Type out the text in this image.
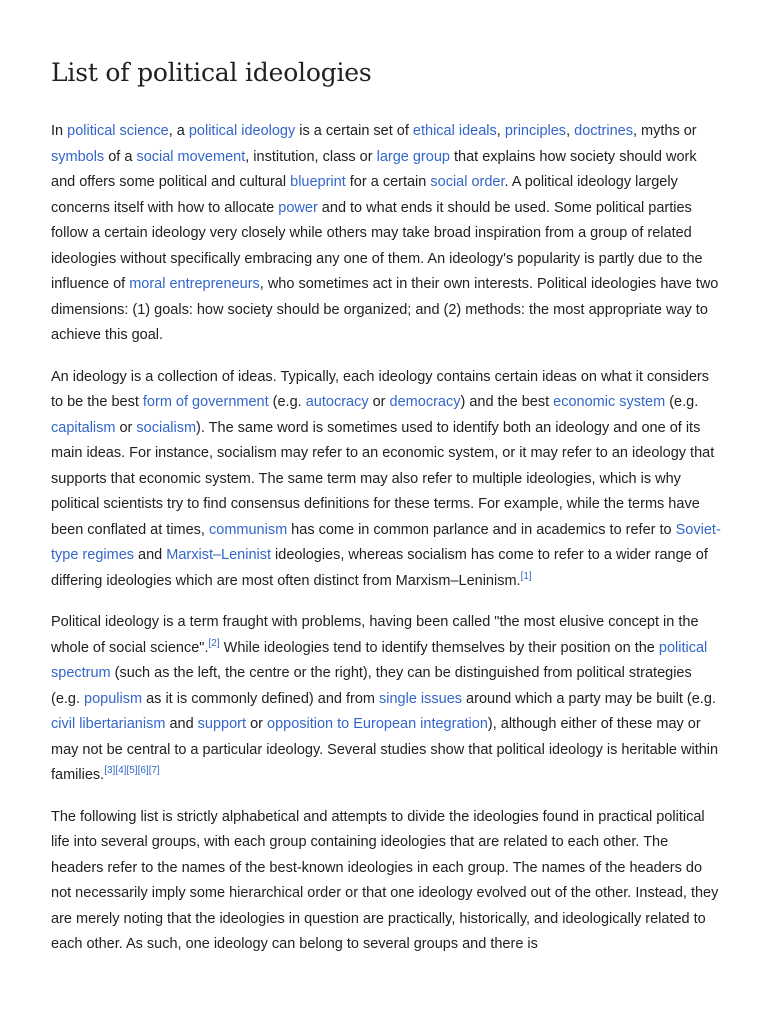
List of political ideologies

In political science, a political ideology is a certain set of ethical ideals, principles, doctrines, myths or symbols of a social movement, institution, class or large group that explains how society should work and offers some political and cultural blueprint for a certain social order. A political ideology largely concerns itself with how to allocate power and to what ends it should be used. Some political parties follow a certain ideology very closely while others may take broad inspiration from a group of related ideologies without specifically embracing any one of them. An ideology's popularity is partly due to the influence of moral entrepreneurs, who sometimes act in their own interests. Political ideologies have two dimensions: (1) goals: how society should be organized; and (2) methods: the most appropriate way to achieve this goal.

An ideology is a collection of ideas. Typically, each ideology contains certain ideas on what it considers to be the best form of government (e.g. autocracy or democracy) and the best economic system (e.g. capitalism or socialism). The same word is sometimes used to identify both an ideology and one of its main ideas. For instance, socialism may refer to an economic system, or it may refer to an ideology that supports that economic system. The same term may also refer to multiple ideologies, which is why political scientists try to find consensus definitions for these terms. For example, while the terms have been conflated at times, communism has come in common parlance and in academics to refer to Soviet-type regimes and Marxist–Leninist ideologies, whereas socialism has come to refer to a wider range of differing ideologies which are most often distinct from Marxism–Leninism.[1]

Political ideology is a term fraught with problems, having been called "the most elusive concept in the whole of social science".[2] While ideologies tend to identify themselves by their position on the political spectrum (such as the left, the centre or the right), they can be distinguished from political strategies (e.g. populism as it is commonly defined) and from single issues around which a party may be built (e.g. civil libertarianism and support or opposition to European integration), although either of these may or may not be central to a particular ideology. Several studies show that political ideology is heritable within families.[3][4][5][6][7]

The following list is strictly alphabetical and attempts to divide the ideologies found in practical political life into several groups, with each group containing ideologies that are related to each other. The headers refer to the names of the best-known ideologies in each group. The names of the headers do not necessarily imply some hierarchical order or that one ideology evolved out of the other. Instead, they are merely noting that the ideologies in question are practically, historically, and ideologically related to each other. As such, one ideology can belong to several groups and there is
